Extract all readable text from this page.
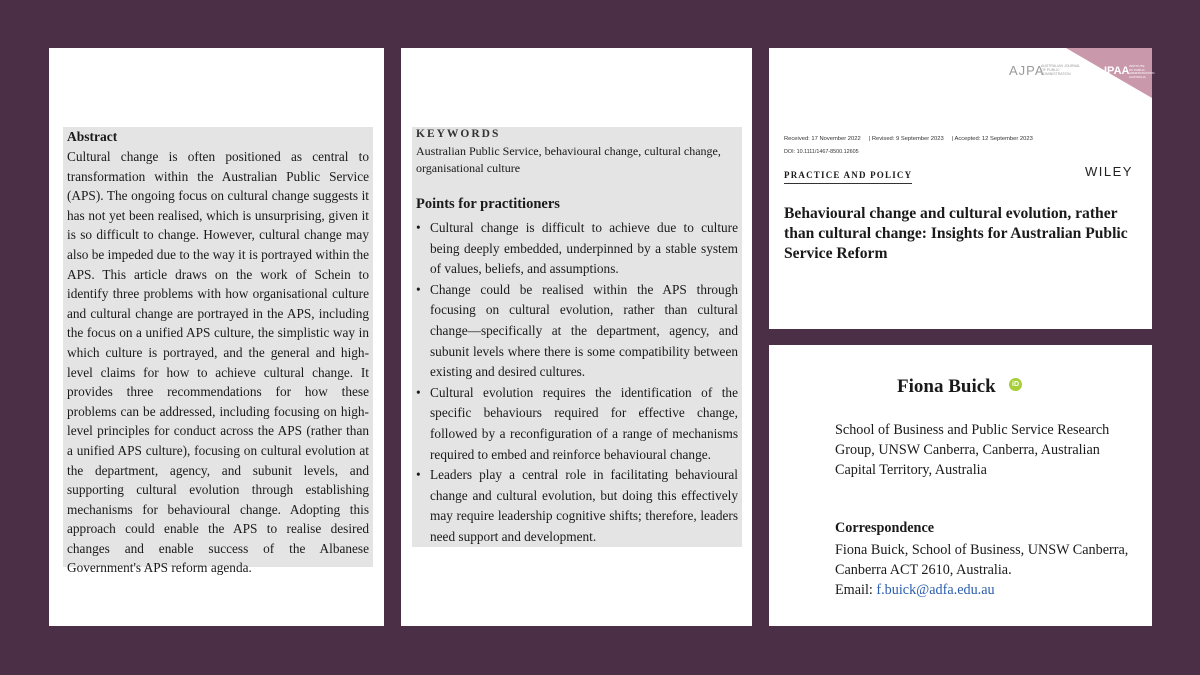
Abstract

Cultural change is often positioned as central to transformation within the Australian Public Service (APS). The ongoing focus on cultural change suggests it has not yet been realised, which is unsurprising, given it is so difficult to change. However, cultural change may also be impeded due to the way it is portrayed within the APS. This article draws on the work of Schein to identify three problems with how organisational culture and cultural change are portrayed in the APS, including the focus on a unified APS culture, the simplistic way in which culture is portrayed, and the general and high-level claims for how to achieve cultural change. It provides three recommendations for how these problems can be addressed, including focusing on high-level principles for conduct across the APS (rather than a unified APS culture), focusing on cultural evolution at the department, agency, and subunit levels, and supporting cultural evolution through establishing mechanisms for behavioural change. Adopting this approach could enable the APS to realise desired changes and enable success of the Albanese Government's APS reform agenda.

KEYWORDS
Australian Public Service, behavioural change, cultural change, organisational culture
Points for practitioners
• Cultural change is difficult to achieve due to culture being deeply embedded, underpinned by a stable system of values, beliefs, and assumptions.
• Change could be realised within the APS through focusing on cultural evolution, rather than cultural change—specifically at the department, agency, and subunit levels where there is some compatibility between existing and desired cultures.
• Cultural evolution requires the identification of the specific behaviours required for effective change, followed by a reconfiguration of a range of mechanisms required to embed and reinforce behavioural change.
• Leaders play a central role in facilitating behavioural change and cultural evolution, but doing this effectively may require leadership cognitive shifts; therefore, leaders need support and development.
AJPA
AUSTRALIAN JOURNAL OF PUBLIC ADMINISTRATION	IPAA INSTITUTE OF PUBLIC ADMINISTRATION AUSTRALIA
Received: 17 November 2022 | Revised: 9 September 2023 | Accepted: 12 September 2023
DOI: 10.1111/1467-8500.12605
PRACTICE AND POLICY	WILEY
Behavioural change and cultural evolution, rather than cultural change: Insights for Australian Public Service Reform
Fiona Buick	iD
School of Business and Public Service Research Group, UNSW Canberra, Canberra, Australian Capital Territory, Australia
Correspondence
Fiona Buick, School of Business, UNSW Canberra, Canberra ACT 2610, Australia.
Email: f.buick@adfa.edu.au
